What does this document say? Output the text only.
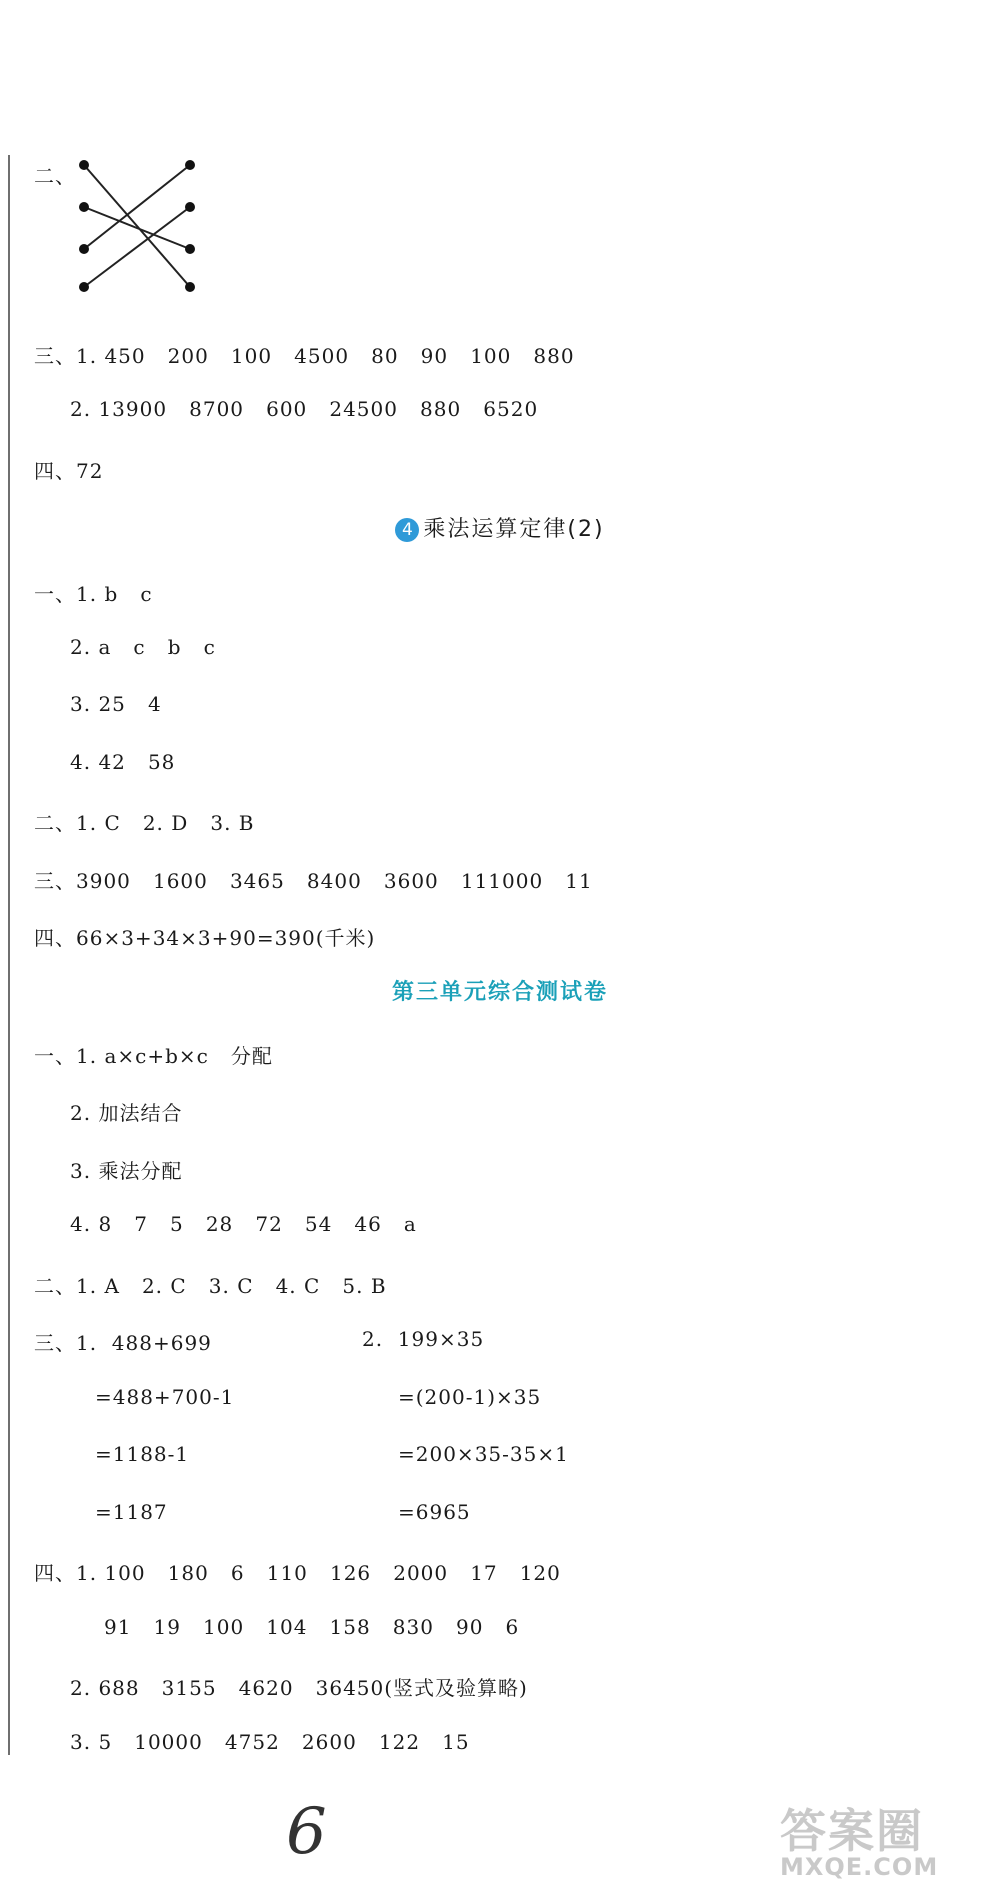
二、
三、1. 450   200   100   4500   80   90   100   880
2. 13900   8700   600   24500   880   6520
四、72
4 乘法运算定律(2)
一、1. b   c
2. a   c   b   c
3. 25   4
4. 42   58
二、1. C   2. D   3. B
三、3900   1600   3465   8400   3600   111000   11
四、66×3+34×3+90=390(千米)
第三单元综合测试卷
一、1. a×c+b×c   分配
2. 加法结合
3. 乘法分配
4. 8   7   5   28   72   54   46   a
二、1. A   2. C   3. C   4. C   5. B
三、1.  488+699
=488+700-1
=1188-1
=1187
2.  199×35
=(200-1)×35
=200×35-35×1
=6965
四、1. 100   180   6   110   126   2000   17   120
91   19   100   104   158   830   90   6
2. 688   3155   4620   36450(竖式及验算略)
3. 5   10000   4752   2600   122   15
6	答案圈
MXQE.COM
